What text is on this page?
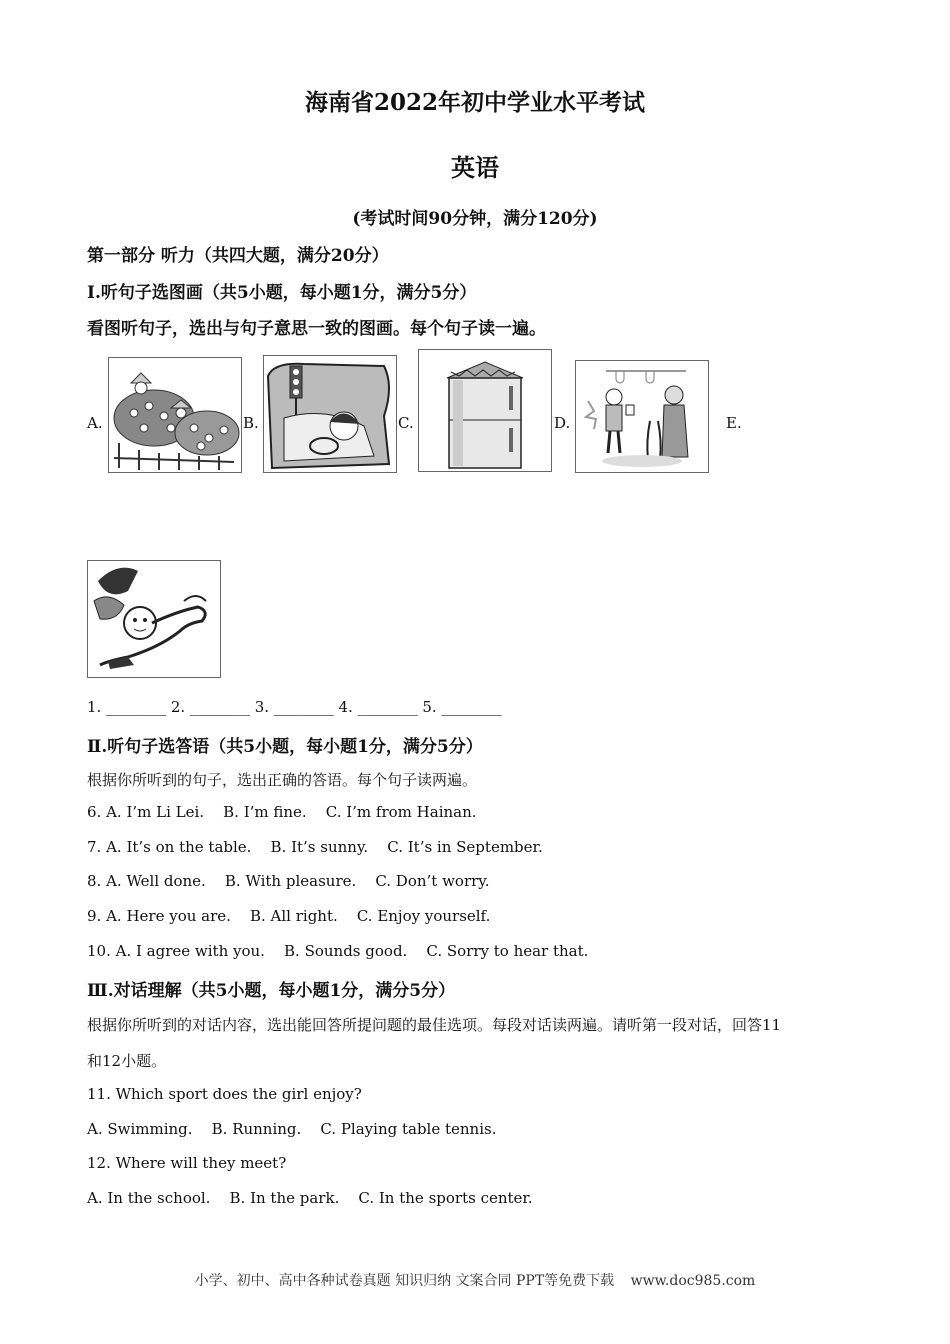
海南省2022年初中学业水平考试
英语
(考试时间90分钟，满分120分)
第一部分 听力（共四大题，满分20分）
Ⅰ.听句子选图画（共5小题，每小题1分，满分5分）
看图听句子，选出与句子意思一致的图画。每个句子读一遍。
A.	B.	C.	D.	E.
1. ________ 2. ________ 3. ________ 4. ________ 5. ________
Ⅱ.听句子选答语（共5小题，每小题1分，满分5分）
根据你所听到的句子，选出正确的答语。每个句子读两遍。
6. A. I’m Li Lei.    B. I’m fine.    C. I’m from Hainan.
7. A. It’s on the table.    B. It’s sunny.    C. It’s in September.
8. A. Well done.    B. With pleasure.    C. Don’t worry.
9. A. Here you are.    B. All right.    C. Enjoy yourself.
10. A. I agree with you.    B. Sounds good.    C. Sorry to hear that.
Ⅲ.对话理解（共5小题，每小题1分，满分5分）
根据你所听到的对话内容，选出能回答所提问题的最佳选项。每段对话读两遍。请听第一段对话，回答11
和12小题。
11. Which sport does the girl enjoy?
A. Swimming.    B. Running.    C. Playing table tennis.
12. Where will they meet?
A. In the school.    B. In the park.    C. In the sports center.
小学、初中、高中各种试卷真题 知识归纳 文案合同 PPT等免费下载 www.doc985.com
